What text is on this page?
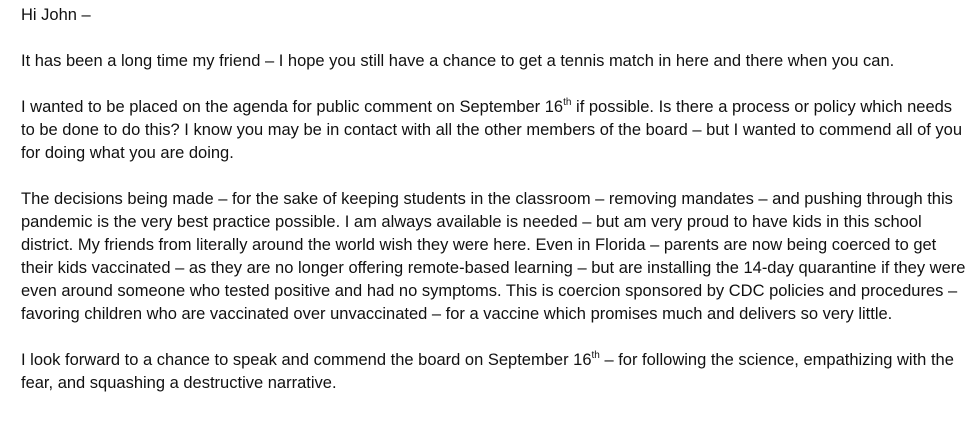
Hi John –

It has been a long time my friend – I hope you still have a chance to get a tennis match in here and there when you can.

I wanted to be placed on the agenda for public comment on September 16th if possible. Is there a process or policy which needs to be done to do this? I know you may be in contact with all the other members of the board – but I wanted to commend all of you for doing what you are doing.

The decisions being made – for the sake of keeping students in the classroom – removing mandates – and pushing through this pandemic is the very best practice possible. I am always available is needed – but am very proud to have kids in this school district. My friends from literally around the world wish they were here. Even in Florida – parents are now being coerced to get their kids vaccinated – as they are no longer offering remote-based learning – but are installing the 14-day quarantine if they were even around someone who tested positive and had no symptoms. This is coercion sponsored by CDC policies and procedures – favoring children who are vaccinated over unvaccinated – for a vaccine which promises much and delivers so very little.

I look forward to a chance to speak and commend the board on September 16th – for following the science, empathizing with the fear, and squashing a destructive narrative.
